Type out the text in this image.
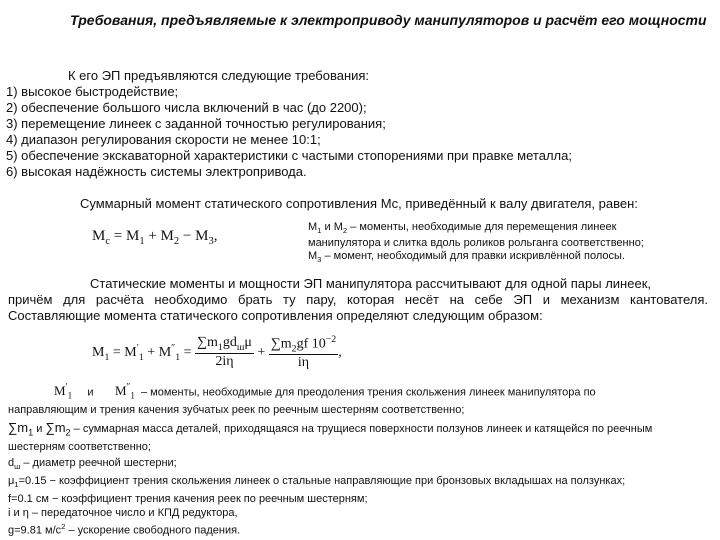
Требования, предъявляемые к электроприводу манипуляторов и расчёт его мощности
К его ЭП предъявляются следующие требования:
1) высокое быстродействие;
2) обеспечение большого числа включений в час (до 2200);
3) перемещение линеек с заданной точностью регулирования;
4) диапазон регулирования скорости не менее 10:1;
5) обеспечение экскаваторной характеристики с частыми стопорениями при правке металла;
6) высокая надёжность системы электропривода.
Суммарный момент статического сопротивления Мс, приведённый к валу двигателя, равен:
$M_c = M_1 + M_2 - M_3$,
$M_1$ и $M_2$ – моменты, необходимые для перемещения линеек
манипулятора и слитка вдоль роликов рольганга соответственно;
$M_3$ – момент, необходимый для правки искривлённой полосы.
Статические моменты и мощности ЭП манипулятора рассчитывают для одной пары линеек,
причём для расчёта необходимо брать ту пару, которая несёт на себе ЭП и механизм кантователя.
Составляющие момента статического сопротивления определяют следующим образом:
$M_1 = M'_1 + M''_1 = \frac{\sum m_1gd_ш\mu}{2i\eta} + \frac{\sum m_2gf 10^{-2}}{i\eta}$ ,
$M'_1$ и $M''_1$ – моменты, необходимые для преодоления трения скольжения линеек манипулятора по
направляющим и трения качения зубчатых реек по реечным шестерням соответственно;
$\sum m_1$ и $\sum m_2$ – суммарная масса деталей, приходящаяся на трущиеся поверхности ползунов линеек и катящейся по реечным
шестерням соответственно;
$d_ш$ – диаметр реечной шестерни;
$\mu_1=0.15$ − коэффициент трения скольжения линеек о стальные направляющие при бронзовых вкладышах на ползунках;
f=0.1 см − коэффициент трения качения реек по реечным шестерням;
i и η – передаточное число и КПД редуктора,
g=9.81 $м/с^2$ – ускорение свободного падения.
